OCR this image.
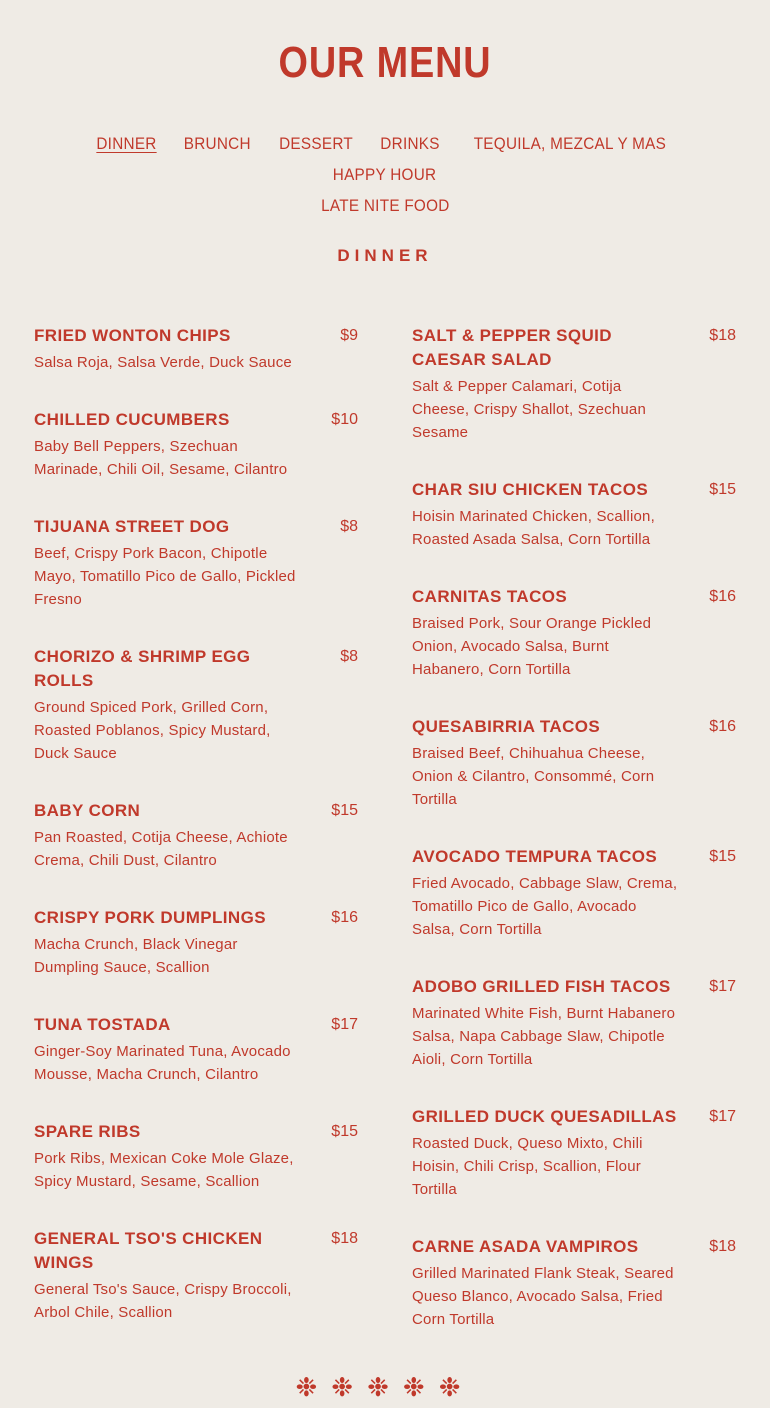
OUR MENU
DINNER BRUNCH DESSERT DRINKS TEQUILA, MEZCAL Y MASHAPPY HOUR
LATE NITE FOOD
DINNER
FRIED WONTON CHIPS	$9
Salsa Roja, Salsa Verde, Duck Sauce
CHILLED CUCUMBERS	$10
Baby Bell Peppers, Szechuan Marinade, Chili Oil, Sesame, Cilantro
TIJUANA STREET DOG	$8
Beef, Crispy Pork Bacon, Chipotle Mayo, Tomatillo Pico de Gallo, Pickled Fresno
CHORIZO & SHRIMP EGG ROLLS
$8
Ground Spiced Pork, Grilled Corn, Roasted Poblanos, Spicy Mustard, Duck Sauce
BABY CORN	$15
Pan Roasted, Cotija Cheese, Achiote Crema, Chili Dust, Cilantro
CRISPY PORK DUMPLINGS	$16
Macha Crunch, Black Vinegar Dumpling Sauce, Scallion
TUNA TOSTADA	$17
Ginger-Soy Marinated Tuna, Avocado Mousse, Macha Crunch, Cilantro
SPARE RIBS	$15
Pork Ribs, Mexican Coke Mole Glaze, Spicy Mustard, Sesame, Scallion
GENERAL TSO'S CHICKEN WINGS
$18
General Tso's Sauce, Crispy Broccoli, Arbol Chile, Scallion
SALT & PEPPER SQUID CAESAR SALAD
$18
Salt & Pepper Calamari, Cotija Cheese, Crispy Shallot, Szechuan Sesame
CHAR SIU CHICKEN TACOS	$15
Hoisin Marinated Chicken, Scallion, Roasted Asada Salsa, Corn Tortilla
CARNITAS TACOS	$16
Braised Pork, Sour Orange Pickled Onion, Avocado Salsa, Burnt Habanero, Corn Tortilla
QUESABIRRIA TACOS	$16
Braised Beef, Chihuahua Cheese, Onion & Cilantro, Consommé, Corn Tortilla
AVOCADO TEMPURA TACOS	$15
Fried Avocado, Cabbage Slaw, Crema, Tomatillo Pico de Gallo, Avocado Salsa, Corn Tortilla
ADOBO GRILLED FISH TACOS	$17
Marinated White Fish, Burnt Habanero Salsa, Napa Cabbage Slaw, Chipotle Aioli, Corn Tortilla
GRILLED DUCK QUESADILLAS	$17
Roasted Duck, Queso Mixto, Chili Hoisin, Chili Crisp, Scallion, Flour Tortilla
CARNE ASADA VAMPIROS	$18
Grilled Marinated Flank Steak, Seared Queso Blanco, Avocado Salsa, Fried Corn Tortilla
❉❉❉❉❉
